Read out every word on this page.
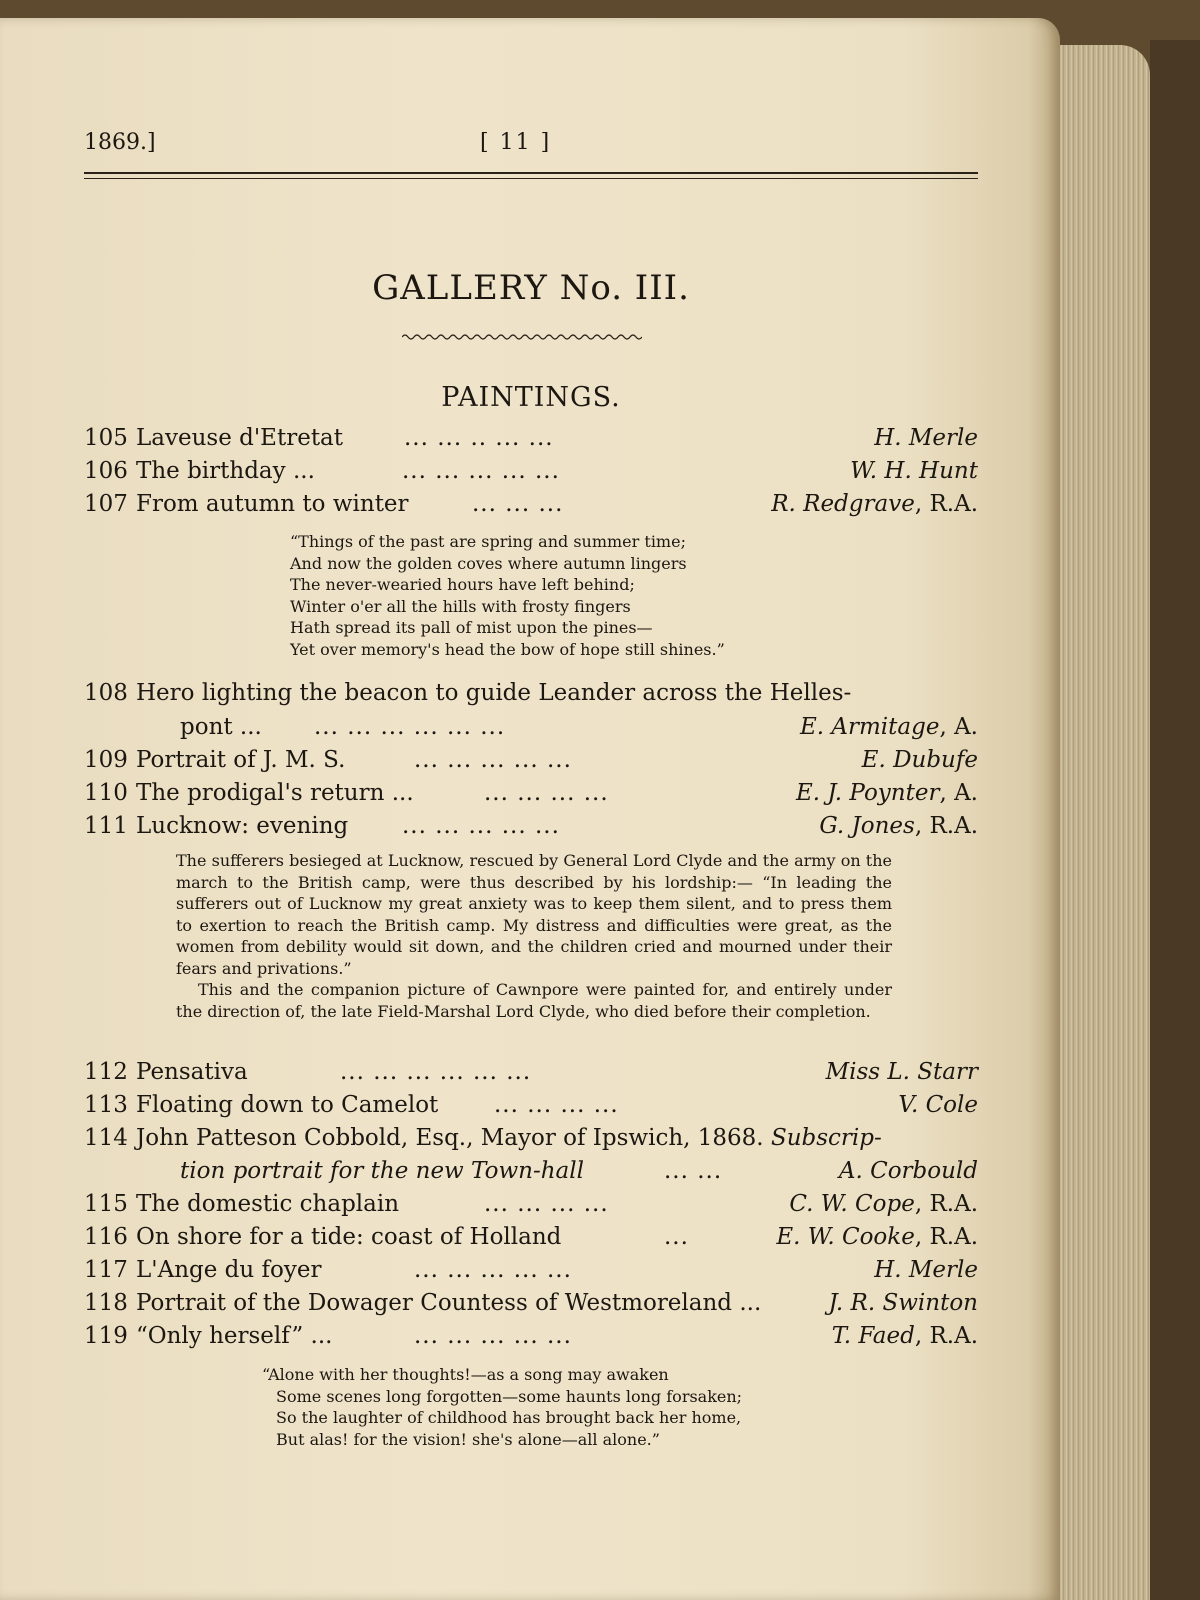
1869.]	[ 11 ]
GALLERY No. III.
PAINTINGS.
105 Laveuse d'Etretat	... ... .. ... ...	H. Merle
106 The birthday ...	... ... ... ... ...	W. H. Hunt
107 From autumn to winter	... ... ...	R. Redgrave, R.A.
“Things of the past are spring and summer time;
And now the golden coves where autumn lingers
The never-wearied hours have left behind;
Winter o'er all the hills with frosty fingers
Hath spread its pall of mist upon the pines—
Yet over memory's head the bow of hope still shines.”
108 Hero lighting the beacon to guide Leander across the Helles-
pont ... ... ... ... ... ... ...	E. Armitage, A.
109 Portrait of J. M. S.	... ... ... ... ...	E. Dubufe
110 The prodigal's return ...	... ... ... ...	E. J. Poynter, A.
111 Lucknow: evening ... ... ... ... ...	G. Jones, R.A.

The sufferers besieged at Lucknow, rescued by General Lord Clyde and the army on the march to the British camp, were thus described by his lordship:— “In leading the sufferers out of Lucknow my great anxiety was to keep them silent, and to press them to exertion to reach the British camp. My distress and difficulties were great, as the women from debility would sit down, and the children cried and mourned under their fears and privations.”

This and the companion picture of Cawnpore were painted for, and entirely under the direction of, the late Field-Marshal Lord Clyde, who died before their completion.

112 Pensativa	... ... ... ... ... ...	Miss L. Starr
113 Floating down to Camelot ... ... ... ...	V. Cole
114 John Patteson Cobbold, Esq., Mayor of Ipswich, 1868. Subscrip-
tion portrait for the new Town-hall	... ...	A. Corbould
115 The domestic chaplain	... ... ... ...	C. W. Cope, R.A.
116 On shore for a tide: coast of Holland	...	E. W. Cooke, R.A.
117 L'Ange du foyer	... ... ... ... ...	H. Merle
118 Portrait of the Dowager Countess of Westmoreland ...	J. R. Swinton
119 “Only herself” ...	... ... ... ... ...	T. Faed, R.A.
“Alone with her thoughts!—as a song may awaken
Some scenes long forgotten—some haunts long forsaken;
So the laughter of childhood has brought back her home,
But alas! for the vision! she's alone—all alone.”
